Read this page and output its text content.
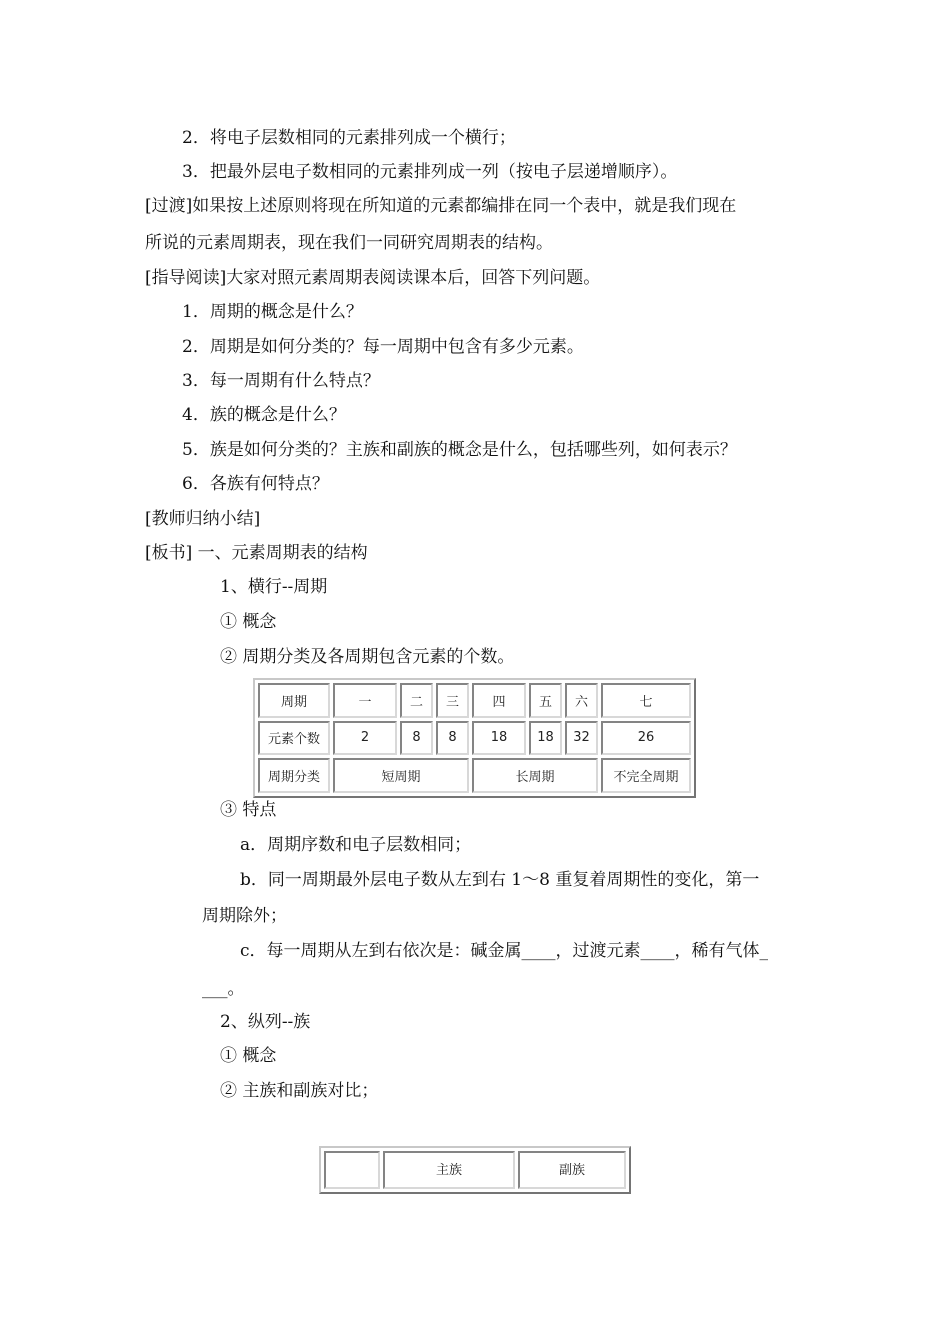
2．将电子层数相同的元素排列成一个横行；
3．把最外层电子数相同的元素排列成一列（按电子层递增顺序）。
[过渡]如果按上述原则将现在所知道的元素都编排在同一个表中，就是我们现在
所说的元素周期表，现在我们一同研究周期表的结构。
[指导阅读]大家对照元素周期表阅读课本后，回答下列问题。
1．周期的概念是什么？
2．周期是如何分类的？每一周期中包含有多少元素。
3．每一周期有什么特点？
4．族的概念是什么？
5．族是如何分类的？主族和副族的概念是什么，包括哪些列，如何表示？
6．各族有何特点？
[教师归纳小结]
[板书] 一、元素周期表的结构
1、横行--周期
① 概念
② 周期分类及各周期包含元素的个数。
周期	一	二	三	四	五	六	七
元素个数	2	8	8	18	18	32	26
周期分类	短周期			长周期			不完全周期
③ 特点
a．周期序数和电子层数相同；
b．同一周期最外层电子数从左到右 1～8 重复着周期性的变化，第一
周期除外；
c．每一周期从左到右依次是：碱金属____，过渡元素____，稀有气体_
___。
2、纵列--族
① 概念
② 主族和副族对比；
	主族	副族
